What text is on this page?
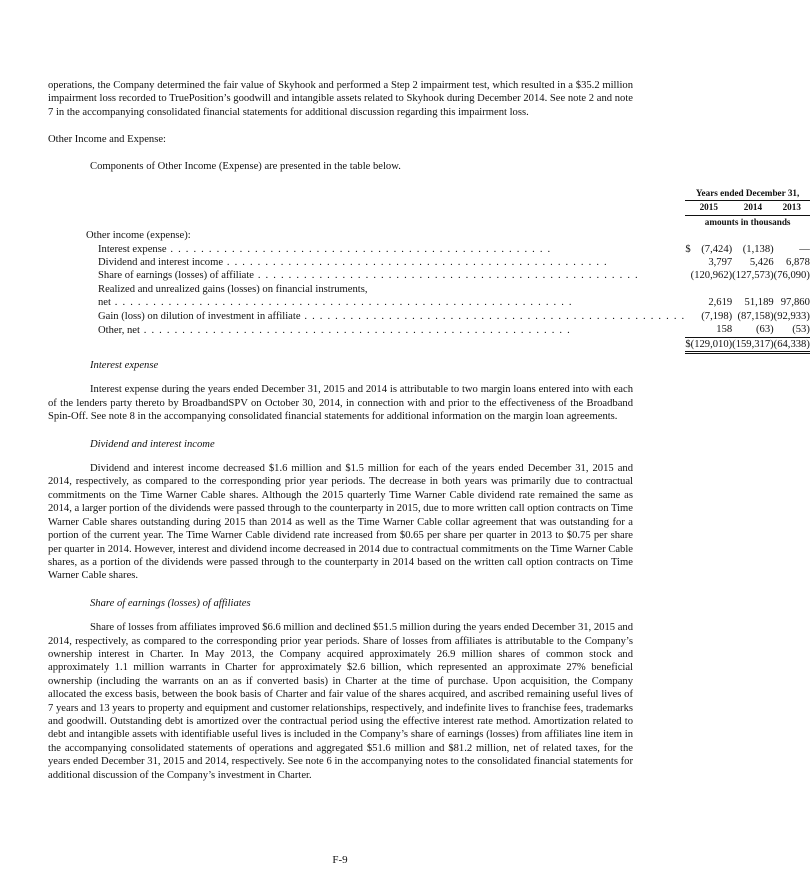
operations, the Company determined the fair value of Skyhook and performed a Step 2 impairment test, which resulted in a $35.2 million impairment loss recorded to TruePosition’s goodwill and intangible assets related to Skyhook during December 2014. See note 2 and note 7 in the accompanying consolidated financial statements for additional discussion regarding this impairment loss.

Other Income and Expense:

Components of Other Income (Expense) are presented in the table below.

	Years ended December 31,			
	2015		2014		2013
	amounts in thousands			
Other income (expense):				

Interest expense . . . . . . . . . . . . . . . . . . . . . . . . . . . . . . . . . . . . . . . . . . . . . . . . . .	$	(7,424)		(1,138)		—

Dividend and interest income . . . . . . . . . . . . . . . . . . . . . . . . . . . . . . . . . . . . . . . . . . . . . . . . . .		3,797		5,426		6,878

Share of earnings (losses) of affiliate . . . . . . . . . . . . . . . . . . . . . . . . . . . . . . . . . . . . . . . . . . . . . . . . . .		(120,962)		(127,573)		(76,090)
Realized and unrealized gains (losses) on financial instruments,				

net . . . . . . . . . . . . . . . . . . . . . . . . . . . . . . . . . . . . . . . . . . . . . . . . . . . . . . . . . . . .		2,619		51,189		97,860

Gain (loss) on dilution of investment in affiliate . . . . . . . . . . . . . . . . . . . . . . . . . . . . . . . . . . . . . . . . . . . . . . . . . .		(7,198)		(87,158)		(92,933)

Other, net . . . . . . . . . . . . . . . . . . . . . . . . . . . . . . . . . . . . . . . . . . . . . . . . . . . . . . . .		158		(63)		(53)
	$	(129,010)		(159,317)		(64,338)

Interest expense

Interest expense during the years ended December 31, 2015 and 2014 is attributable to two margin loans entered into with each of the lenders party thereto by BroadbandSPV on October 30, 2014, in connection with and prior to the effectiveness of the Broadband Spin-Off. See note 8 in the accompanying consolidated financial statements for additional information on the margin loan agreements.

Dividend and interest income

Dividend and interest income decreased $1.6 million and $1.5 million for each of the years ended December 31, 2015 and 2014, respectively, as compared to the corresponding prior year periods. The decrease in both years was primarily due to contractual commitments on the Time Warner Cable shares. Although the 2015 quarterly Time Warner Cable dividend rate remained the same as 2014, a larger portion of the dividends were passed through to the counterparty in 2015, due to more written call option contracts on Time Warner Cable shares outstanding during 2015 than 2014 as well as the Time Warner Cable collar agreement that was outstanding for a portion of the current year. The Time Warner Cable dividend rate increased from $0.65 per share per quarter in 2013 to $0.75 per share per quarter in 2014. However, interest and dividend income decreased in 2014 due to contractual commitments on the Time Warner Cable shares, as a portion of the dividends were passed through to the counterparty in 2014 based on the written call option contracts on Time Warner Cable shares.

Share of earnings (losses) of affiliates

Share of losses from affiliates improved $6.6 million and declined $51.5 million during the years ended December 31, 2015 and 2014, respectively, as compared to the corresponding prior year periods. Share of losses from affiliates is attributable to the Company’s ownership interest in Charter. In May 2013, the Company acquired approximately 26.9 million shares of common stock and approximately 1.1 million warrants in Charter for approximately $2.6 billion, which represented an approximate 27% beneficial ownership (including the warrants on an as if converted basis) in Charter at the time of purchase. Upon acquisition, the Company allocated the excess basis, between the book basis of Charter and fair value of the shares acquired, and ascribed remaining useful lives of 7 years and 13 years to property and equipment and customer relationships, respectively, and indefinite lives to franchise fees, trademarks and goodwill. Outstanding debt is amortized over the contractual period using the effective interest rate method. Amortization related to debt and intangible assets with identifiable useful lives is included in the Company’s share of earnings (losses) from affiliates line item in the accompanying consolidated statements of operations and aggregated $51.6 million and $81.2 million, net of related taxes, for the years ended December 31, 2015 and 2014, respectively. See note 6 in the accompanying notes to the consolidated financial statements for additional discussion of the Company’s investment in Charter.

F-9
